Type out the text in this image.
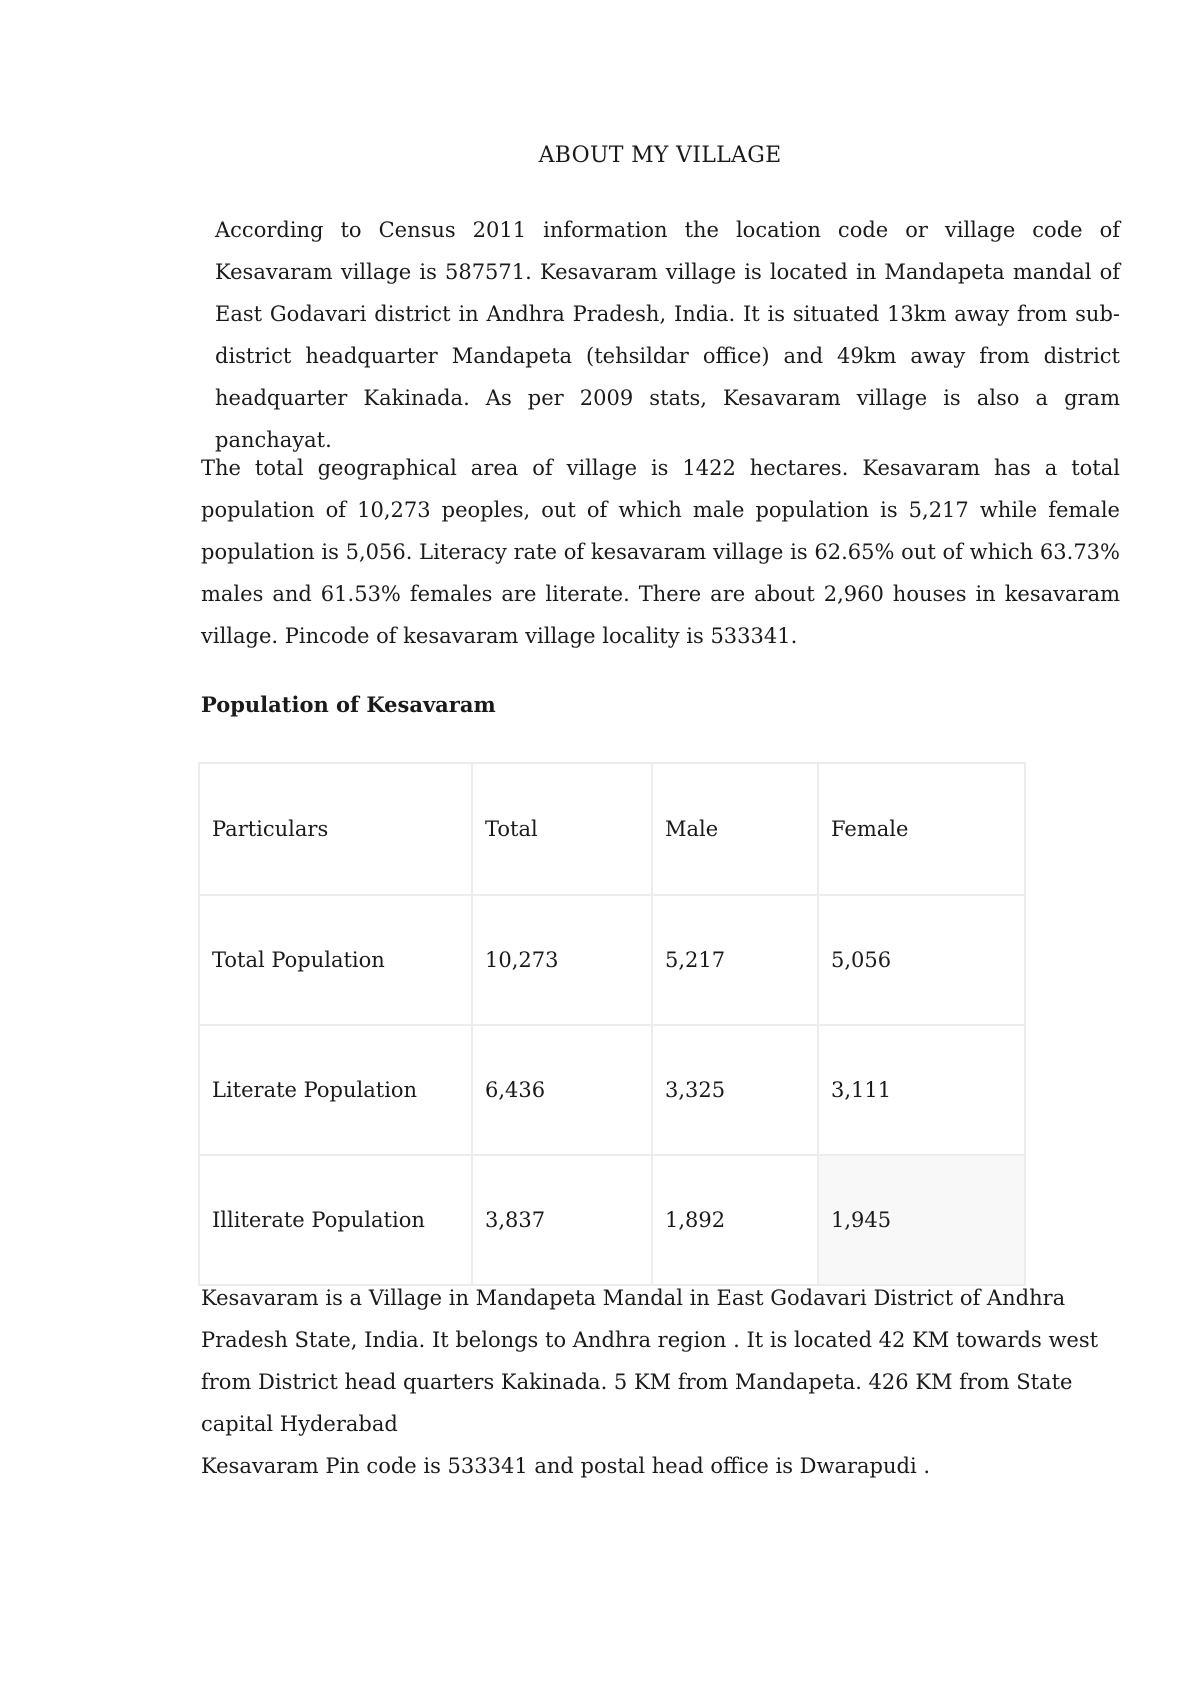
ABOUT MY VILLAGE

According to Census 2011 information the location code or village code of Kesavaram village is 587571. Kesavaram village is located in Mandapeta mandal of East Godavari district in Andhra Pradesh, India. It is situated 13km away from sub-district headquarter Mandapeta (tehsildar office) and 49km away from district headquarter Kakinada. As per 2009 stats, Kesavaram village is also a gram panchayat.

The total geographical area of village is 1422 hectares. Kesavaram has a total population of 10,273 peoples, out of which male population is 5,217 while female population is 5,056. Literacy rate of kesavaram village is 62.65% out of which 63.73% males and 61.53% females are literate. There are about 2,960 houses in kesavaram village. Pincode of kesavaram village locality is 533341.

Population of Kesavaram
Particulars	Total	Male	Female
Total Population	10,273	5,217	5,056
Literate Population	6,436	3,325	3,111
Illiterate Population	3,837	1,892	1,945

Kesavaram is a Village in Mandapeta Mandal in East Godavari District of Andhra Pradesh State, India. It belongs to Andhra region . It is located 42 KM towards west from District head quarters Kakinada. 5 KM from Mandapeta. 426 KM from State capital Hyderabad

Kesavaram Pin code is 533341 and postal head office is Dwarapudi .
